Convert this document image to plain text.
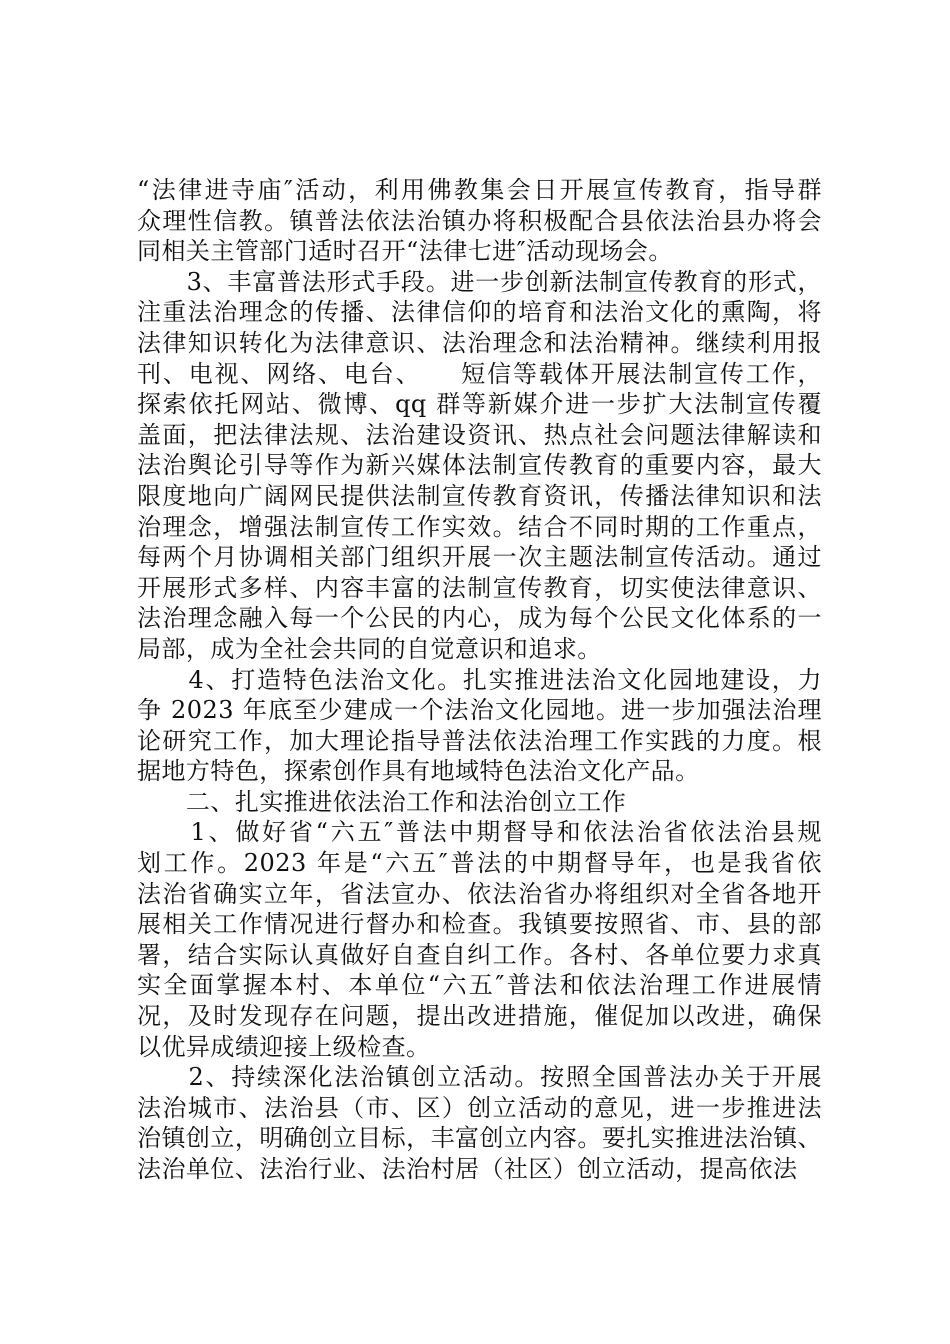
“法律进寺庙″活动，利用佛教集会日开展宣传教育，指导群
众理性信教。镇普法依法治镇办将积极配合县依法治县办将会
同相关主管部门适时召开“法律七进″活动现场会。
　　3、丰富普法形式手段。进一步创新法制宣传教育的形式，
注重法治理念的传播、法律信仰的培育和法治文化的熏陶，将
法律知识转化为法律意识、法治理念和法治精神。继续利用报
刊、电视、网络、电台、　　短信等载体开展法制宣传工作，
探索依托网站、微博、qq 群等新媒介进一步扩大法制宣传覆
盖面，把法律法规、法治建设资讯、热点社会问题法律解读和
法治舆论引导等作为新兴媒体法制宣传教育的重要内容，最大
限度地向广阔网民提供法制宣传教育资讯，传播法律知识和法
治理念，增强法制宣传工作实效。结合不同时期的工作重点，
每两个月协调相关部门组织开展一次主题法制宣传活动。通过
开展形式多样、内容丰富的法制宣传教育，切实使法律意识、
法治理念融入每一个公民的内心，成为每个公民文化体系的一
局部，成为全社会共同的自觉意识和追求。
　　4、打造特色法治文化。扎实推进法治文化园地建设，力
争 2023 年底至少建成一个法治文化园地。进一步加强法治理
论研究工作，加大理论指导普法依法治理工作实践的力度。根
据地方特色，探索创作具有地域特色法治文化产品。
　　二、扎实推进依法治工作和法治创立工作
　　1、做好省“六五″普法中期督导和依法治省依法治县规
划工作。2023 年是“六五″普法的中期督导年，也是我省依
法治省确实立年，省法宣办、依法治省办将组织对全省各地开
展相关工作情况进行督办和检查。我镇要按照省、市、县的部
署，结合实际认真做好自查自纠工作。各村、各单位要力求真
实全面掌握本村、本单位“六五″普法和依法治理工作进展情
况，及时发现存在问题，提出改进措施，催促加以改进，确保
以优异成绩迎接上级检查。
　　2、持续深化法治镇创立活动。按照全国普法办关于开展
法治城市、法治县（市、区）创立活动的意见，进一步推进法
治镇创立，明确创立目标，丰富创立内容。要扎实推进法治镇、
法治单位、法治行业、法治村居（社区）创立活动，提高依法
